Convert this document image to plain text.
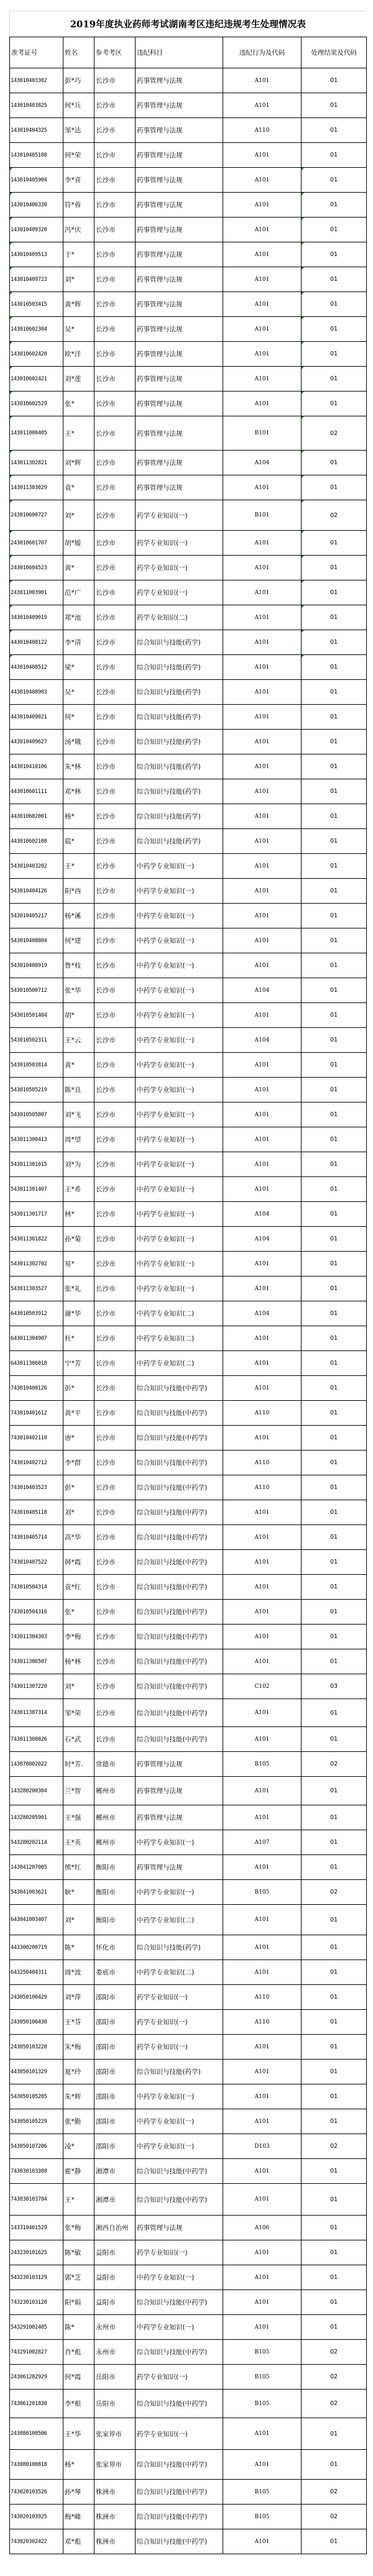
2019年度执业药师考试湖南考区违纪违规考生处理情况表
准考证号	姓名	参考考区	违纪科目	违纪行为及代码	处理结果及代码
143010403302	彭*巧	长沙市	药事管理与法规	A101	01
143010403825	何*兵	长沙市	药事管理与法规	A101	01
143010404325	邹*达	长沙市	药事管理与法规	A110	01
143010405108	何*荣	长沙市	药事管理与法规	A101	01
143010405904	李*喜	长沙市	药事管理与法规	A101	01
143010406330	符*蓉	长沙市	药事管理与法规	A101	01
143010409320	冯*庆	长沙市	药事管理与法规	A101	01
143010409513	于*	长沙市	药事管理与法规	A101	01
143010409723	刘*	长沙市	药事管理与法规	A101	01
143010503415	黄*辉	长沙市	药事管理与法规	A101	01
143010602304	吴*	长沙市	药事管理与法规	A101	01
143010602420	欧*洋	长沙市	药事管理与法规	A101	01
143010602421	刘*莲	长沙市	药事管理与法规	A101	01
143010602529	张*	长沙市	药事管理与法规	A101	01
143011000405	王*	长沙市	药事管理与法规	B101	02
143011302821	刘*辉	长沙市	药事管理与法规	A104	01
143011303029	袁*	长沙市	药事管理与法规	A101	01
243010600727	刘*	长沙市	药学专业知识(一)	B101	02
243010601707	胡*嫒	长沙市	药学专业知识(一)	A101	01
243010604523	黄*	长沙市	药学专业知识(一)	A101	01
243011003901	范*广	长沙市	药学专业知识(一)	A101	01
343010409019	郑*池	长沙市	药学专业知识(二)	A101	01
443010408122	李*清	长沙市	综合知识与技能(药学)	A101	01
443010408512	梁*	长沙市	综合知识与技能(药学)	A101	01
443010408903	吴*	长沙市	综合知识与技能(药学)	A101	01
443010409021	何*	长沙市	综合知识与技能(药学)	A101	01
443010409627	汤*娥	长沙市	综合知识与技能(药学)	A101	01
443010410106	朱*林	长沙市	综合知识与技能(药学)	A101	01
443010601111	邓*林	长沙市	综合知识与技能(药学)	A101	01
443010602001	杨*	长沙市	综合知识与技能(药学)	A101	01
443010602108	扈*	长沙市	综合知识与技能(药学)	A101	01
543010403202	王*	长沙市	中药学专业知识(一)	A101	01
543010404126	阳*西	长沙市	中药学专业知识(一)	A101	01
543010405217	杨*溪	长沙市	中药学专业知识(一)	A101	01
543010408804	何*建	长沙市	中药学专业知识(一)	A101	01
543010408919	鲁*枝	长沙市	中药学专业知识(一)	A101	01
543010500712	张*华	长沙市	中药学专业知识(一)	A104	01
543010501404	胡*	长沙市	中药学专业知识(一)	A101	01
543010502311	王*云	长沙市	中药学专业知识(一)	A104	01
543010503814	黄*	长沙市	中药学专业知识(一)	A101	01
543010505219	陈*良	长沙市	中药学专业知识(一)	A101	01
543010505807	刘*飞	长沙市	中药学专业知识(一)	A101	01
543011300413	周*望	长沙市	中药学专业知识(一)	A101	01
543011301015	刘*为	长沙市	中药学专业知识(一)	A101	01
543011301407	王*希	长沙市	中药学专业知识(一)	A101	01
543011301717	林*	长沙市	中药学专业知识(一)	A104	01
543011301822	孙*菊	长沙市	中药学专业知识(一)	A104	01
543011302702	易*	长沙市	中药学专业知识(一)	A101	01
543011303527	张*礼	长沙市	中药学专业知识(一)	A101	01
643010503912	谢*华	长沙市	中药学专业知识(二)	A104	01
643011304907	杜*	长沙市	中药学专业知识(二)	A101	01
643011306018	宁*芳	长沙市	中药学专业知识(二)	A101	01
743010400126	彭*	长沙市	综合知识与技能(中药学)	A101	01
743010401612	黄*平	长沙市	综合知识与技能(中药学)	A110	01
743010402110	唐*	长沙市	综合知识与技能(中药学)	A101	01
743010402712	李*群	长沙市	综合知识与技能(中药学)	A110	01
743010403523	彭*	长沙市	综合知识与技能(中药学)	A110	01
743010405118	刘*	长沙市	综合知识与技能(中药学)	A101	01
743010405714	高*华	长沙市	综合知识与技能(中药学)	A101	01
743010407522	韩*霞	长沙市	综合知识与技能(中药学)	A101	01
743010504314	袁*红	长沙市	综合知识与技能(中药学)	A101	01
743010504316	张*	长沙市	综合知识与技能(中药学)	A101	01
743011304303	李*梅	长沙市	综合知识与技能(中药学)	A101	01
743011306507	杨*林	长沙市	综合知识与技能(中药学)	A101	01
743011307220	刘*	长沙市	综合知识与技能(中药学)	C102	03
743011307314	邹*荣	长沙市	综合知识与技能(中药学)	A101	01
743011308026	石*武	长沙市	综合知识与技能(中药学)	A101	01
143070802022	时*芳.	常德市	药事管理与法规	B105	02
143280200304	兰*智	郴州市	药事管理与法规	A101	01
143280205901	王*强	郴州市	药事管理与法规	A101	01
543280202114	王*英	郴州市	中药学专业知识(一)	A107	01
143041207005	熊*红	衡阳市	药事管理与法规	A101	01
543041003621	耿*	衡阳市	中药学专业知识(一)	B105	02
643041003407	刘*	衡阳市	中药学专业知识(二)	A101	01
443300200719	陈*	怀化市	综合知识与技能(药学)	A101	01
643250404311	周*波	娄底市	中药学专业知识(二)	A101	01
243050100429	刘*萍	邵阳市	药学专业知识(一)	A110	01
243050100430	王*芬	邵阳市	药学专业知识(一)	A110	01
243050103228	朱*梅	邵阳市	药学专业知识(一)	A101	01
443050101329	夏*玲	邵阳市	综合知识与技能(药学)	A101	01
543050105205	朱*辉	邵阳市	中药学专业知识(一)	A101	01
543050105229	张*勤	邵阳市	中药学专业知识(一)	A101	01
543050107206	凌*	邵阳市	中药学专业知识(一)	D103	02
743030103308	霍*静	湘潭市	综合知识与技能(中药学)	A101	01
743030103704	王*	湘潭市	综合知识与技能(中药学)	A101	01
143310401529	张*梅	湘西自治州	药事管理与法规	A106	01
243230101625	陈*敏	益阳市	药学专业知识(一)	A101	01
543230103129	郭*芝	益阳市	中药学专业知识(一)	A101	01
743230103120	阳*娟	益阳市	综合知识与技能(中药学)	A101	01
543291002405	陈*	永州市	中药学专业知识(一)	A101	01
743291002827	肖*彪	永州市	综合知识与技能(中药学)	B105	02
243061202929	何*霞	岳阳市	药学专业知识(一)	B105	02
743061201830	李*根	岳阳市	综合知识与技能(中药学)	B105	02
243080100506	王*华	张家界市	药学专业知识(一)	A101	01
743080100818	杨*	张家界市	综合知识与技能(中药学)	A101	01
743020103526	孙*琴	株洲市	综合知识与技能(中药学)	B105	02
743020103925	梅*峰	株洲市	综合知识与技能(中药学)	B105	02
743020302422	邓*彪	株洲市	综合知识与技能(中药学)	A101	01
